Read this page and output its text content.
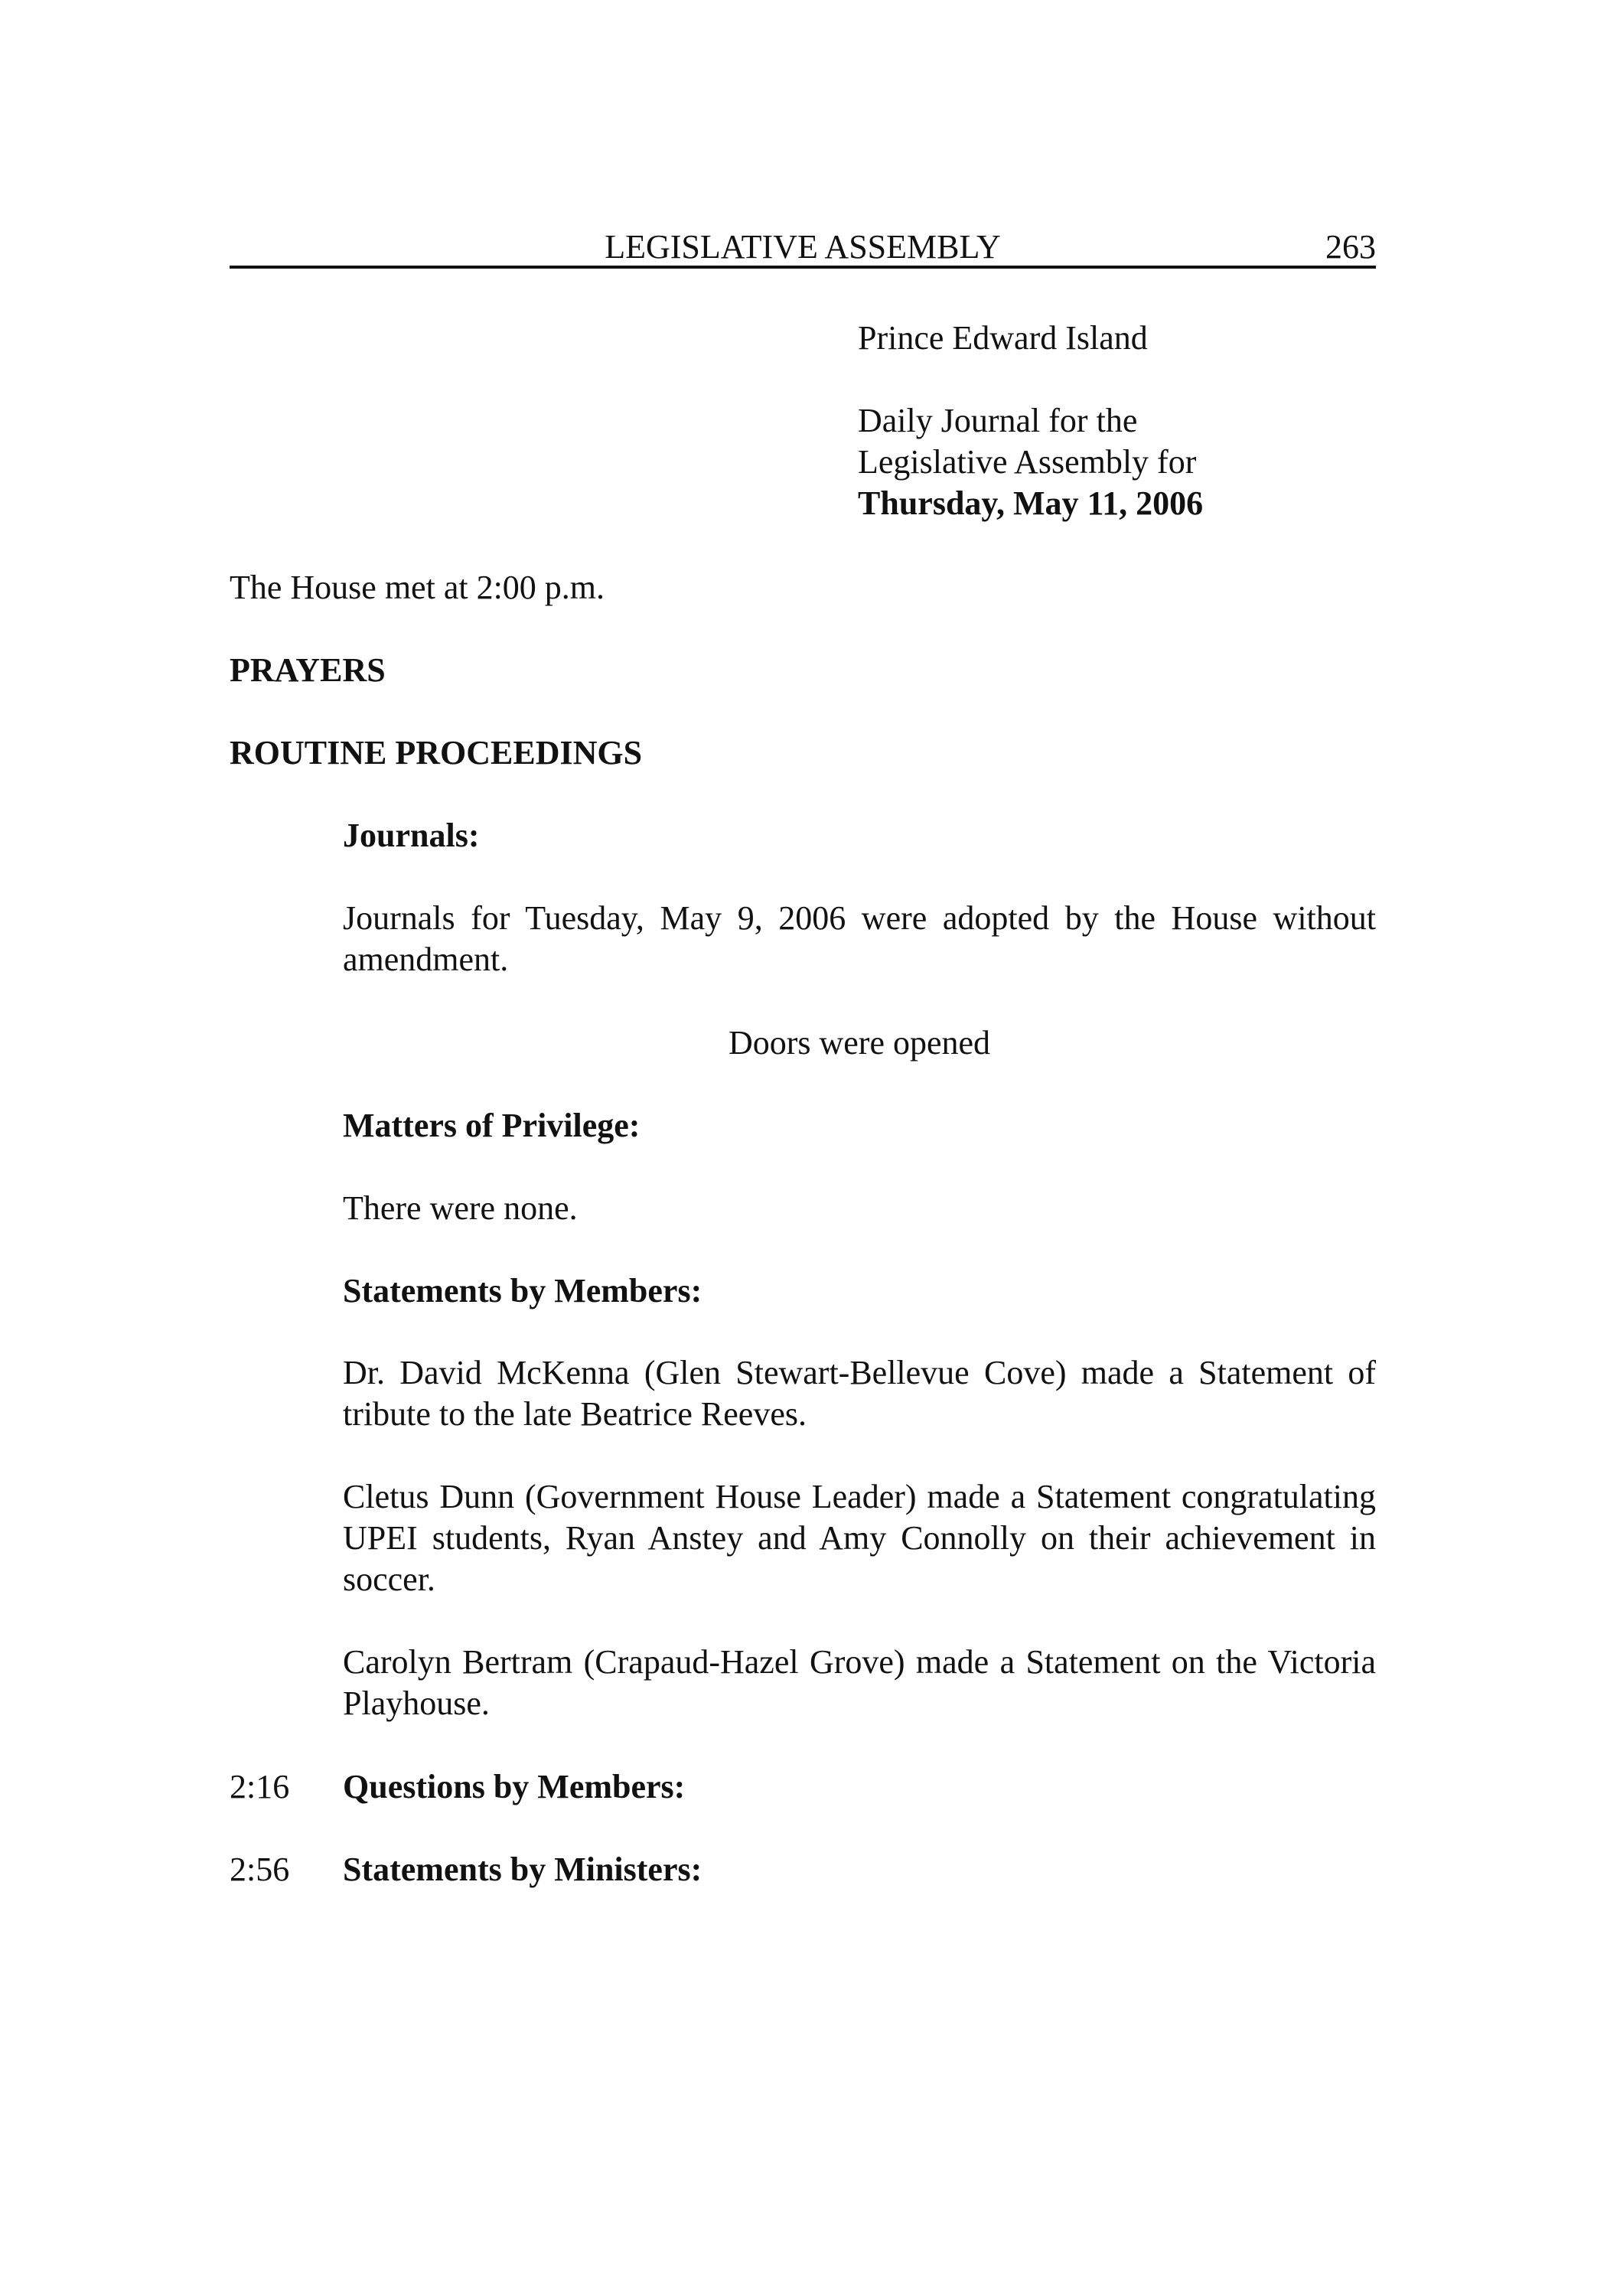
LEGISLATIVE ASSEMBLY	263
Prince Edward Island
Daily Journal for the
Legislative Assembly for
Thursday, May 11, 2006
The House met at 2:00 p.m.
PRAYERS
ROUTINE PROCEEDINGS
Journals:
Journals for Tuesday, May 9, 2006 were adopted by the House without amendment.
Doors were opened
Matters of Privilege:
There were none.
Statements by Members:
Dr. David McKenna (Glen Stewart-Bellevue Cove) made a Statement of tribute to the late Beatrice Reeves.
Cletus Dunn (Government House Leader) made a Statement congratulating UPEI students, Ryan Anstey and Amy Connolly on their achievement in soccer.
Carolyn Bertram (Crapaud-Hazel Grove) made a Statement on the Victoria Playhouse.
2:16 Questions by Members:
2:56 Statements by Ministers:
